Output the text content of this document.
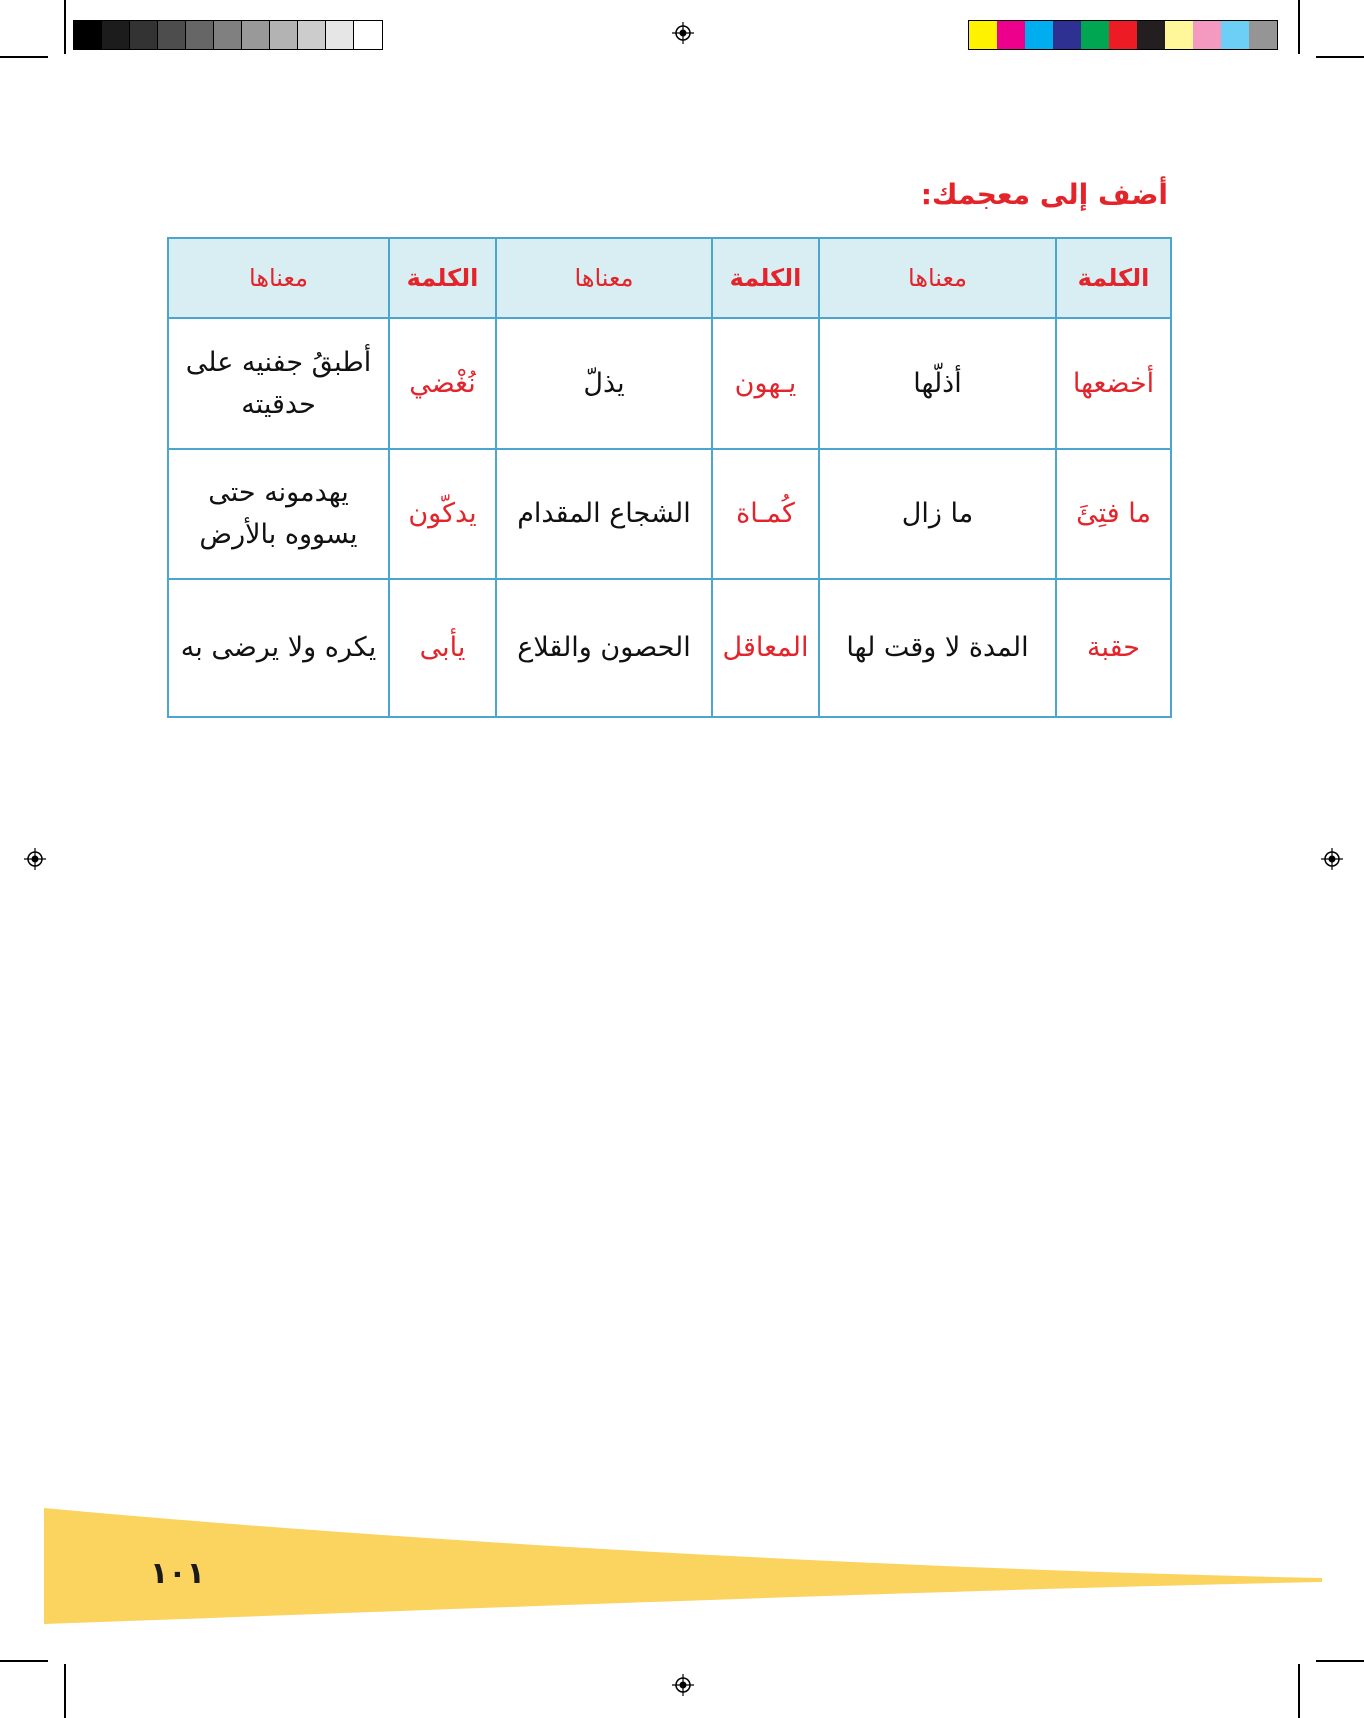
أضف إلى معجمك:
الكلمة	معناها	الكلمة	معناها	الكلمة	معناها
أخضعها	أذلّها	يـهون	يذلّ	نُغْضي	أطبقُ جفنيه على حدقيته
ما فتِئَ	ما زال	كُمـاة	الشجاع المقدام	يدكّون	يهدمونه حتى يسووه بالأرض
حقبة	المدة لا وقت لها	المعاقل	الحصون والقلاع	يأبى	يكره ولا يرضى به
١٠١
